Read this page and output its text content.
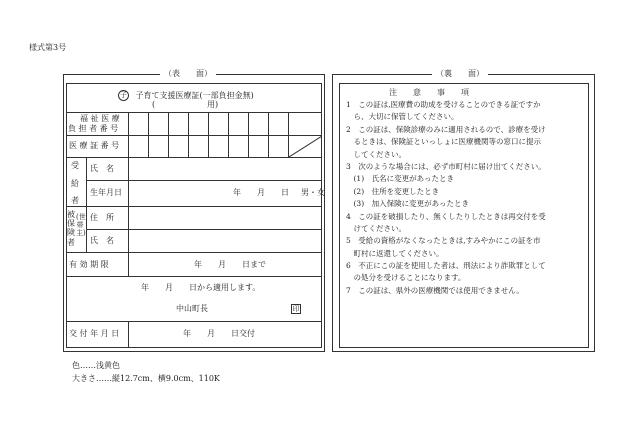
様式第3号
（表　　面）
子 子育て支援医療証(一部負担金無)
(	用)
福 祉 医 療
負 担 者 番 号
医 療 証 番 号
受
給
者
氏　名
生年月日	年　　月　　日 男・女
被保険者
(世帯主)
住　所
氏　名
有 効 期 限	年　　月　　日まで
年　　月　　日から適用します。
中山町長	印
交 付 年 月 日	年　　月　　日交付
（裏　　面）
注　　意　　事　　項
1　この証は,医療費の助成を受けることのできる証ですか
　ら、大切に保管してください。
2　この証は、保険診療のみに適用されるので、診療を受け
　るときは、保険証といっしょに医療機関等の窓口に提示
　してください。
3　次のような場合には、必ず市町村に届け出てください。
　(1)　氏名に変更があったとき
　(2)　住所を変更したとき
　(3)　加入保険に変更があったとき
4　この証を破損したり、無くしたりしたときは再交付を受
　けてください。
5　受給の資格がなくなったときは,すみやかにこの証を市
　町村に返還してください。
6　不正にこの証を使用した者は、刑法により詐欺罪として
　の処分を受けることになります。
7　この証は、県外の医療機関では使用できません。
色……浅黄色
大きさ……縦12.7cm、横9.0cm、110K
